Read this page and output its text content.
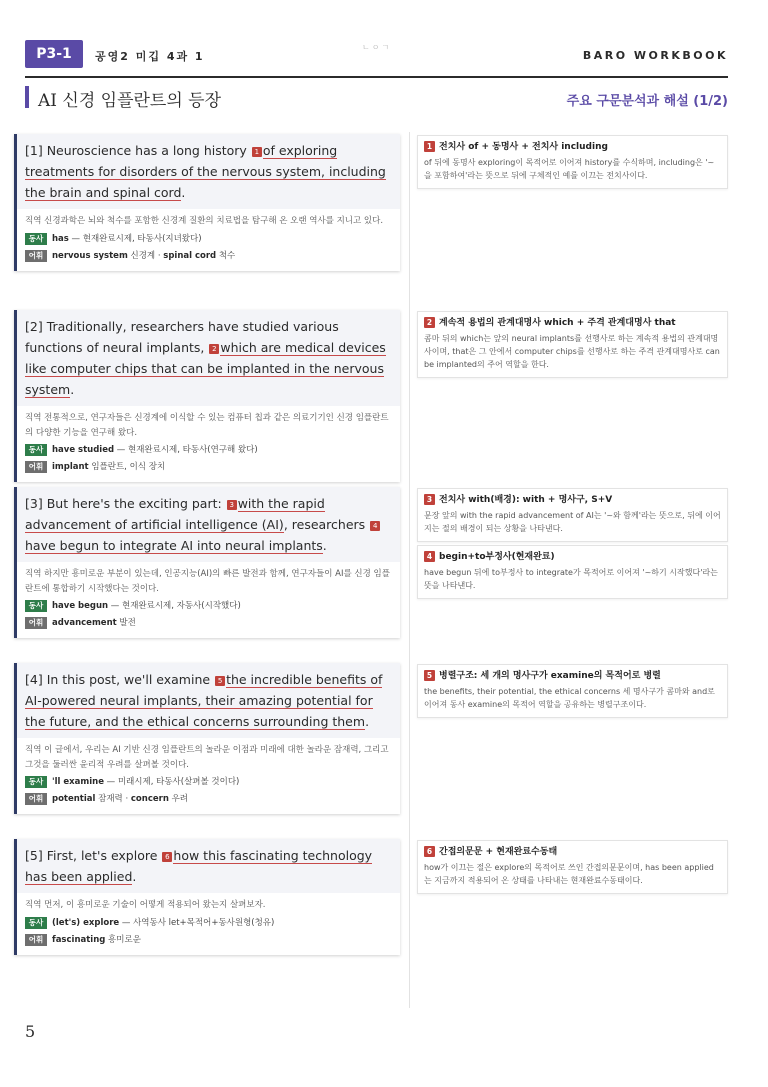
P3-1	공영2 미깁 4과 1	BARO WORKBOOK
ㄴㅇㄱ
AI 신경 임플란트의 등장	주요 구문분석과 해설 (1/2)
[1] Neuroscience has a long history 1 of exploring treatments for disorders of the nervous system, including the brain and spinal cord.
직역 신경과학은 뇌와 척수를 포함한 신경계 질환의 치료법을 탐구해 온 오랜 역사를 지니고 있다.
동사 has — 현재완료시제, 타동사(지녀왔다)
어휘 nervous system 신경계 · spinal cord 척수
[2] Traditionally, researchers have studied various functions of neural implants, 2 which are medical devices like computer chips that can be implanted in the nervous system.
직역 전통적으로, 연구자들은 신경계에 이식할 수 있는 컴퓨터 칩과 같은 의료기기인 신경 임플란트의 다양한 기능을 연구해 왔다.
동사 have studied — 현재완료시제, 타동사(연구해 왔다)
어휘 implant 임플란트, 이식 장치
[3] But here's the exciting part: 3 with the rapid advancement of artificial intelligence (AI), researchers 4have begun to integrate AI into neural implants.
직역 하지만 흥미로운 부분이 있는데, 인공지능(AI)의 빠른 발전과 함께, 연구자들이 AI를 신경 임플란트에 통합하기 시작했다는 것이다.
동사 have begun — 현재완료시제, 자동사(시작했다)
어휘 advancement 발전
[4] In this post, we'll examine 5 the incredible benefits of AI-powered neural implants, their amazing potential for the future, and the ethical concerns surrounding them.
직역 이 글에서, 우리는 AI 기반 신경 임플란트의 놀라운 이점과 미래에 대한 놀라운 잠재력, 그리고 그것을 둘러싼 윤리적 우려를 살펴볼 것이다.
동사 'll examine — 미래시제, 타동사(살펴볼 것이다)
어휘 potential 잠재력 · concern 우려
[5] First, let's explore 6 how this fascinating technology has been applied.
직역 먼저, 이 흥미로운 기술이 어떻게 적용되어 왔는지 살펴보자.
동사 (let's) explore — 사역동사 let+목적어+동사원형(청유)
어휘 fascinating 흥미로운
1 전치사 of + 동명사 + 전치사 including
of 뒤에 동명사 exploring이 목적어로 이어져 history를 수식하며, including은 '~을 포함하여'라는 뜻으로 뒤에 구체적인 예를 이끄는 전치사이다.
2 계속적 용법의 관계대명사 which + 주격 관계대명사 that
콤마 뒤의 which는 앞의 neural implants를 선행사로 하는 계속적 용법의 관계대명사이며, that은 그 안에서 computer chips를 선행사로 하는 주격 관계대명사로 can be implanted의 주어 역할을 한다.
3 전치사 with(배경): with + 명사구, S+V
문장 앞의 with the rapid advancement of AI는 '~와 함께'라는 뜻으로, 뒤에 이어지는 절의 배경이 되는 상황을 나타낸다.
4 begin+to부정사(현재완료)
have begun 뒤에 to부정사 to integrate가 목적어로 이어져 '~하기 시작했다'라는 뜻을 나타낸다.
5 병렬구조: 세 개의 명사구가 examine의 목적어로 병렬
the benefits, their potential, the ethical concerns 세 명사구가 콤마와 and로 이어져 동사 examine의 목적어 역할을 공유하는 병렬구조이다.
6 간접의문문 + 현재완료수동태
how가 이끄는 절은 explore의 목적어로 쓰인 간접의문문이며, has been applied는 지금까지 적용되어 온 상태를 나타내는 현재완료수동태이다.
5
